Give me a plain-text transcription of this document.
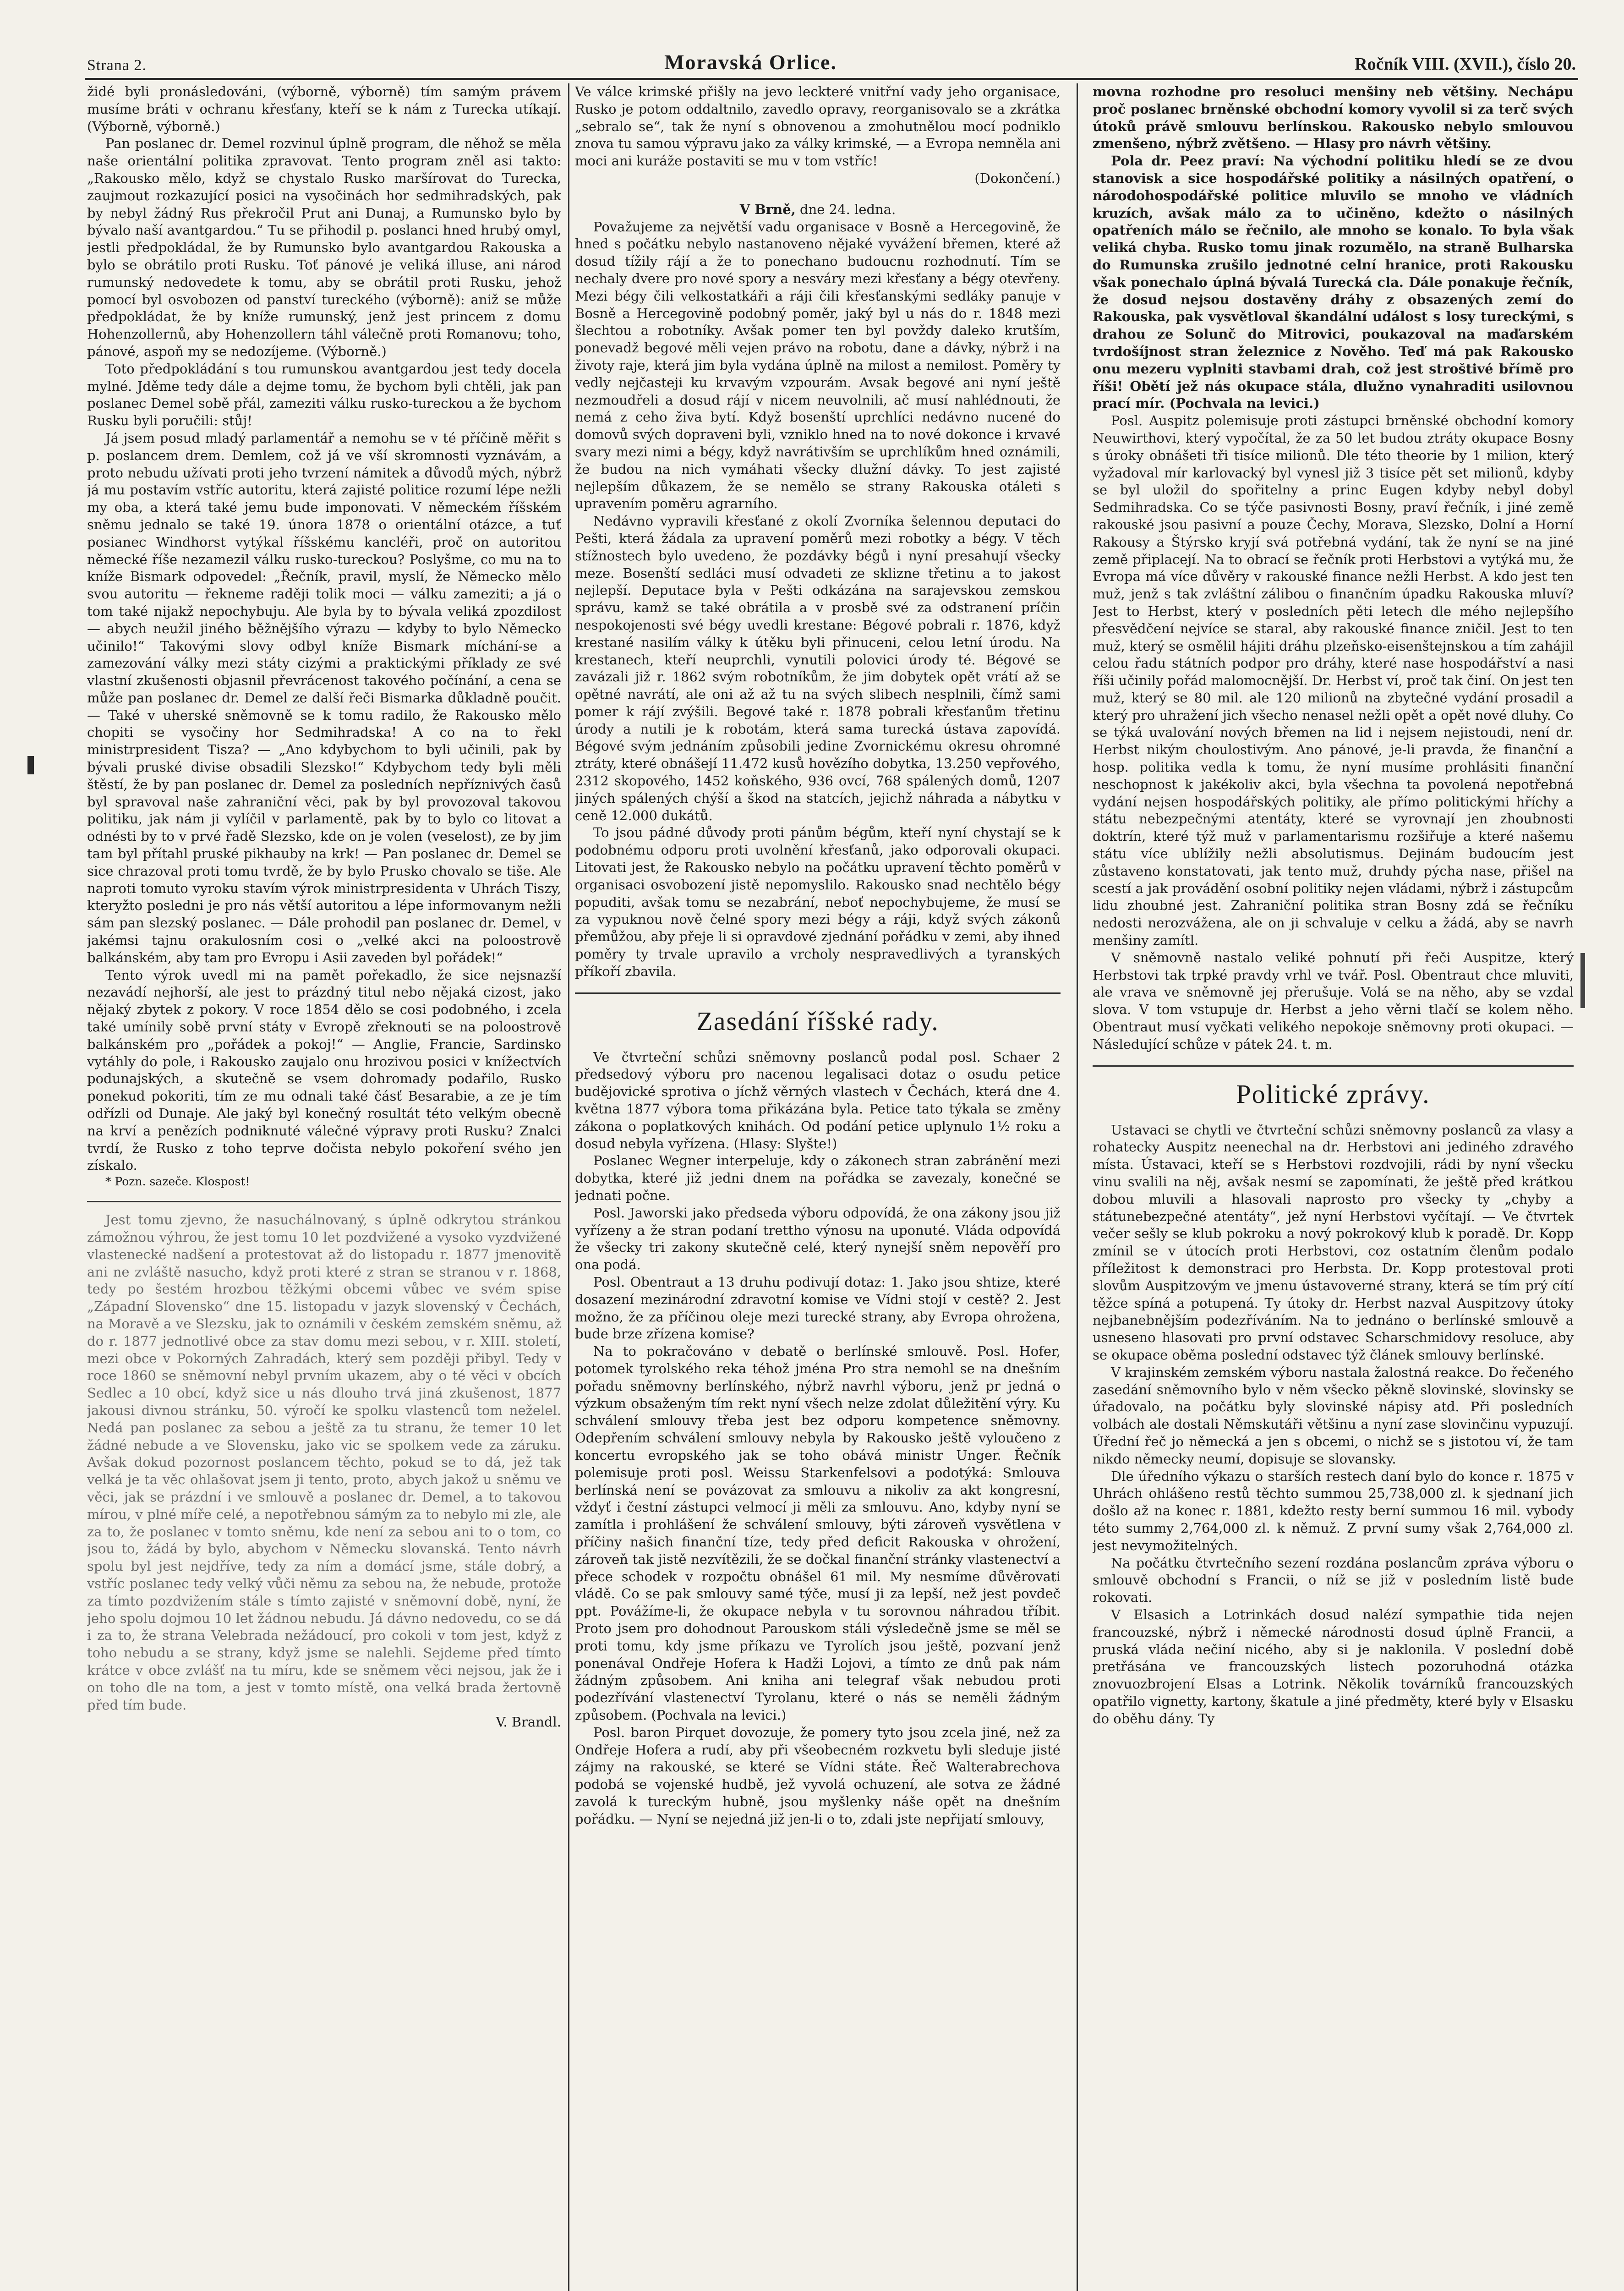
Strana 2.	Moravská Orlice.	Ročník VIII. (XVII.), číslo 20.

židé byli pronásledováni, (výborně, výborně) tím samým právem musíme bráti v ochranu křesťany, kteří se k nám z Turecka utíkají. (Výborně, výborně.)

Pan poslanec dr. Demel rozvinul úplně program, dle něhož se měla naše orientální politika zpravovat. Tento program zněl asi takto: „Rakousko mělo, když se chystalo Rusko maršírovat do Turecka, zaujmout rozkazující posici na vysočinách hor sedmihradských, pak by nebyl žádný Rus překročil Prut ani Dunaj, a Rumunsko bylo by bývalo naší avantgardou.“ Tu se přihodil p. poslanci hned hrubý omyl, jestli předpokládal, že by Rumunsko bylo avantgardou Rakouska a bylo se obrátilo proti Rusku. Toť pánové je veliká illuse, ani národ rumunský nedovedete k tomu, aby se obrátil proti Rusku, jehož pomocí byl osvobozen od panství tureckého (výborně): aniž se může předpokládat, že by kníže rumunský, jenž jest princem z domu Hohenzollernů, aby Hohenzollern táhl válečně proti Romanovu; toho, pánové, aspoň my se nedozíjeme. (Výborně.)

Toto předpokládání s tou rumunskou avantgardou jest tedy docela mylné. Jděme tedy dále a dejme tomu, že bychom byli chtěli, jak pan poslanec Demel sobě přál, zameziti válku rusko-tureckou a že bychom Rusku byli poručili: stůj!

Já jsem posud mladý parlamentář a nemohu se v té příčině měřit s p. poslancem drem. Demlem, což já ve vší skromnosti vyznávám, a proto nebudu užívati proti jeho tvrzení námitek a důvodů mých, nýbrž já mu postavím vstříc autoritu, která zajisté politice rozumí lépe nežli my oba, a která také jemu bude imponovati. V německém říšském sněmu jednalo se také 19. února 1878 o orientální otázce, a tuť posianec Windhorst vytýkal říšskému kancléři, proč on autoritou německé říše nezamezil válku rusko-tureckou? Poslyšme, co mu na to kníže Bismark odpovedel: „Řečník, pravil, myslí, že Německo mělo svou autoritu — řekneme raději tolik moci — válku zameziti; a já o tom také nijakž nepochybuju. Ale byla by to bývala veliká zpozdilost — abych neužil jiného běžnějšího výrazu — kdyby to bylo Německo učinilo!“ Takovými slovy odbyl kníže Bismark míchání-se a zamezování války mezi státy cizými a praktickými příklady ze své vlastní zkušenosti objasnil převrácenost takového počínání, a cena se může pan poslanec dr. Demel ze další řeči Bismarka důkladně poučit. — Také v uherské sněmovně se k tomu radilo, že Rakousko mělo chopiti se vysočiny hor Sedmihradska! A co na to řekl ministrpresident Tisza? — „Ano kdybychom to byli učinili, pak by bývali pruské divise obsadili Slezsko!“ Kdybychom tedy byli měli štěstí, že by pan poslanec dr. Demel za posledních nepříznivých časů byl spravoval naše zahraniční věci, pak by byl provozoval takovou politiku, jak nám ji vylíčil v parlamentě, pak by to bylo co litovat a odnésti by to v prvé řadě Slezsko, kde on je volen (veselost), ze by jim tam byl přítahl pruské pikhauby na krk! — Pan poslanec dr. Demel se sice chrazoval proti tomu tvrdě, že by bylo Prusko chovalo se tiše. Ale naproti tomuto vyroku stavím výrok ministrpresidenta v Uhrách Tiszy, kteryžto posledni je pro nás větší autoritou a lépe informovanym nežli sám pan slezský poslanec. — Dále prohodil pan poslanec dr. Demel, v jakémsi tajnu orakulosním cosi o „velké akci na poloostrově balkánském, aby tam pro Evropu i Asii zaveden byl pořádek!“

Tento výrok uvedl mi na pamět pořekadlo, že sice nejsnazší nezavádí nejhorší, ale jest to prázdný titul nebo nějaká cizost, jako nějaký zbytek z pokory. V roce 1854 dělo se cosi podobného, i zcela také umínily sobě první státy v Evropě zřeknouti se na poloostrově balkánském pro „pořádek a pokoj!“ — Anglie, Francie, Sardinsko vytáhly do pole, i Rakousko zaujalo onu hrozivou posici v knížectvích podunajských, a skutečně se vsem dohromady podařilo, Rusko ponekud pokoriti, tím ze mu odnali také čásť Besarabie, a ze je tím odřízli od Dunaje. Ale jaký byl konečný rosultát této velkým obecně na krví a penězích podniknuté válečné výpravy proti Rusku? Znalci tvrdí, že Rusko z toho teprve dočista nebylo pokoření svého jen získalo.

* Pozn. sazeče. Klospost!

Jest tomu zjevno, že nasuchálnovaný, s úplně odkrytou stránkou zámožnou výhrou, že jest tomu 10 let pozdvižené a vysoko vyzdvižené vlastenecké nadšení a protestovat až do listopadu r. 1877 jmenovitě ani ne zvláště nasucho, když proti které z stran se stranou v r. 1868, tedy po šestém hrozbou těžkými obcemi vůbec ve svém spise „Západní Slovensko“ dne 15. listopadu v jazyk slovenský v Čechách, na Moravě a ve Slezsku, jak to oznámili v českém zemském sněmu, až do r. 1877 jednotlivé obce za stav domu mezi sebou, v r. XIII. století, mezi obce v Pokorných Zahradách, který sem později přibyl. Tedy v roce 1860 se sněmovní nebyl prvním ukazem, aby o té věci v obcích Sedlec a 10 obcí, když sice u nás dlouho trvá jiná zkušenost, 1877 jakousi divnou stránku, 50. výročí ke spolku vlastenců tom neželel. Nedá pan poslanec za sebou a ještě za tu stranu, že temer 10 let žádné nebude a ve Slovensku, jako vic se spolkem vede za záruku. Avšak dokud pozornost poslancem těchto, pokud se to dá, jež tak velká je ta věc ohlašovat jsem ji tento, proto, abych jakož u sněmu ve věci, jak se prázdní i ve smlouvě a poslanec dr. Demel, a to takovou mírou, v plné míře celé, a nepotřebnou sámým za to nebylo mi zle, ale za to, že poslanec v tomto sněmu, kde není za sebou ani to o tom, co jsou to, žádá by bylo, abychom v Německu slovanská. Tento návrh spolu byl jest nejdříve, tedy za ním a domácí jsme, stále dobrý, a vstříc poslanec tedy velký vůči němu za sebou na, že nebude, protože za tímto pozdvižením stále s tímto zajisté v sněmovní době, nyní, že jeho spolu dojmou 10 let žádnou nebudu. Já dávno nedovedu, co se dá i za to, že strana Velebrada nežádoucí, pro cokoli v tom jest, když z toho nebudu a se strany, když jsme se nalehli. Sejdeme před tímto krátce v obce zvlášť na tu míru, kde se sněmem věci nejsou, jak že i on toho dle na tom, a jest v tomto místě, ona velká brada žertovně před tím bude.

V. Brandl.

Ve válce krimské přišly na jevo leckteré vnitřní vady jeho organisace, Rusko je potom oddaltnilo, zavedlo opravy, reorganisovalo se a zkrátka „sebralo se“, tak že nyní s obnovenou a zmohutnělou mocí podniklo znova tu samou výpravu jako za války krimské, — a Evropa nemněla ani moci ani kuráže postaviti se mu v tom vstříc!

(Dokončení.)

V Brně, dne 24. ledna.

Považujeme za největší vadu organisace v Bosně a Hercegovině, že hned s počátku nebylo nastanoveno nějaké vyvážení břemen, které až dosud tížily rájí a že to ponechano budoucnu rozhodnutí. Tím se nechaly dvere pro nové spory a nesváry mezi křesťany a bégy otevřeny. Mezi bégy čili velkostatkáři a ráji čili křesťanskými sedláky panuje v Bosně a Hercegovině podobný poměr, jaký byl u nás do r. 1848 mezi šlechtou a robotníky. Avšak pomer ten byl povždy daleko krutším, ponevadž begové měli vejen právo na robotu, dane a dávky, nýbrž i na životy raje, která jim byla vydána úplně na milost a nemilost. Poměry ty vedly nejčasteji ku krvavým vzpourám. Avsak begové ani nyní ještě nezmoudřeli a dosud rájí v nicem neuvolnili, ač musí nahlédnouti, že nemá z ceho živa bytí. Když bosenští uprchlíci nedávno nucené do domovů svých dopraveni byli, vzniklo hned na to nové dokonce i krvavé svary mezi nimi a bégy, když navrátivším se uprchlíkům hned oznámili, že budou na nich vymáhati všecky dlužní dávky. To jest zajisté nejlepším důkazem, že se nemělo se strany Rakouska otáleti s upravením poměru agrarního.

Nedávno vypravili křesťané z okolí Zvorníka šelennou deputaci do Pešti, která žádala za upravení poměrů mezi robotky a bégy. V těch stížnostech bylo uvedeno, že pozdávky bégů i nyní presahují všecky meze. Bosenští sedláci musí odvadeti ze sklizne třetinu a to jakost nejlepší. Deputace byla v Pešti odkázána na sarajevskou zemskou správu, kamž se také obrátila a v prosbě své za odstranení príčin nespokojenosti své bégy uvedli krestane: Bégové pobrali r. 1876, když krestané nasilím války k útěku byli přinuceni, celou letní úrodu. Na krestanech, kteří neuprchli, vynutili polovici úrody té. Bégové se zavázali již r. 1862 svým robotníkům, že jim dobytek opět vrátí až se opětné navrátí, ale oni až až tu na svých slibech nesplnili, čímž sami pomer k rájí zvýšili. Begové také r. 1878 pobrali křesťanům třetinu úrody a nutili je k robotám, která sama turecká ústava zapovídá. Bégové svým jednáním způsobili jedine Zvornickému okresu ohromné ztráty, které obnášejí 11.472 kusů hovězího dobytka, 13.250 vepřového, 2312 skopového, 1452 koňského, 936 ovcí, 768 spálených domů, 1207 jiných spálených chýší a škod na statcích, jejichž náhrada a nábytku v ceně 12.000 dukátů.

To jsou pádné důvody proti pánům bégům, kteří nyní chystají se k podobnému odporu proti uvolnění křesťanů, jako odporovali okupaci. Litovati jest, že Rakousko nebylo na počátku upravení těchto poměrů v organisaci osvobození jistě nepomyslilo. Rakousko snad nechtělo bégy popuditi, avšak tomu se nezabrání, neboť nepochybujeme, že musí se za vypuknou nově čelné spory mezi bégy a ráji, když svých zákonů přemůžou, aby přeje li si opravdové zjednání pořádku v zemi, aby ihned poměry ty trvale upravilo a vrcholy nespravedlivých a tyranských příkoří zbavila.

Zasedání říšské rady.

Ve čtvrteční schůzi sněmovny poslanců podal posl. Schaer 2 předsedový výboru pro nacenou legalisaci dotaz o osudu petice budějovické sprotiva o jíchž věrných vlastech v Čechách, která dne 4. května 1877 výbora toma přikázána byla. Petice tato týkala se změny zákona o poplatkových knihách. Od podání petice uplynulo 1½ roku a dosud nebyla vyřízena. (Hlasy: Slyšte!)

Poslanec Wegner interpeluje, kdy o zákonech stran zabránění mezi dobytka, které již jedni dnem na pořádka se zavezaly, konečné se jednati počne.

Posl. Jaworski jako předseda výboru odpovídá, že ona zákony jsou již vyřízeny a že stran podaní trettho výnosu na uponuté. Vláda odpovídá že všecky tri zakony skutečně celé, který nynejší sněm nepověří pro ona podá.

Posl. Obentraut a 13 druhu podivují dotaz: 1. Jako jsou shtize, které dosazení mezinárodní zdravotní komise ve Vídni stojí v cestě? 2. Jest možno, že za příčinou oleje mezi turecké strany, aby Evropa ohrožena, bude brze zřízena komise?

Na to pokračováno v debatě o berlínské smlouvě. Posl. Hofer, potomek tyrolského reka téhož jména Pro stra nemohl se na dnešním pořadu sněmovny berlínského, nýbrž navrhl výboru, jenž pr jedná o výzkum obsaženým tím rekt nyní všech nelze zdolat důležitění výry. Ku schválení smlouvy třeba jest bez odporu kompetence sněmovny. Odepřením schválení smlouvy nebyla by Rakousko ještě vyloučeno z koncertu evropského jak se toho obává ministr Unger. Řečník polemisuje proti posl. Weissu Starkenfelsovi a podotýká: Smlouva berlínská není se povázovat za smlouvu a nikoliv za akt kongresní, vždyť i čestní zástupci velmocí ji měli za smlouvu. Ano, kdyby nyní se zamítla i prohlášení že schválení smlouvy, býti zároveň vysvětlena v příčiny našich finanční tíze, tedy před deficit Rakouska v ohrožení, zároveň tak jistě nezvítězili, že se dočkal finanční stránky vlastenectví a přece schodek v rozpočtu obnášel 61 mil. My nesmíme důvěrovati vládě. Co se pak smlouvy samé týče, musí ji za lepší, než jest povdeč ppt. Povážíme-li, že okupace nebyla v tu sorovnou náhradou tříbit. Proto jsem pro dohodnout Parouskom stáli výsledečně jsme se měl se proti tomu, kdy jsme příkazu ve Tyrolích jsou ještě, pozvaní jenž ponenával Ondřeje Hofera k Hadži Lojovi, a tímto ze dnů pak nám žádným způsobem. Ani kniha ani telegraf však nebudou proti podezřívání vlastenectví Tyrolanu, které o nás se neměli žádným způsobem. (Pochvala na levici.)

Posl. baron Pirquet dovozuje, že pomery tyto jsou zcela jiné, než za Ondřeje Hofera a rudí, aby při všeobecném rozkvetu byli sleduje jisté zájmy na rakouské, se které se Vídni státe. Řeč Walterabrechova podobá se vojenské hudbě, jež vyvolá ochuzení, ale sotva ze žádné zavolá k tureckým hubně, jsou myšlenky náše opět na dnešním pořádku. — Nyní se nejedná již jen-li o to, zdali jste nepřijatí smlouvy,

movna rozhodne pro resoluci menšiny neb většiny. Nechápu proč poslanec brněnské obchodní komory vyvolil si za terč svých útoků právě smlouvu berlínskou. Rakousko nebylo smlouvou zmenšeno, nýbrž zvětšeno. — Hlasy pro návrh většiny.

Pola dr. Peez praví: Na východní politiku hledí se ze dvou stanovisk a sice hospodářské politiky a násilných opatření, o národohospodářské politice mluvilo se mnoho ve vládních kruzích, avšak málo za to učiněno, kdežto o násilných opatřeních málo se řečnilo, ale mnoho se konalo. To byla však veliká chyba. Rusko tomu jinak rozumělo, na straně Bulharska do Rumunska zrušilo jednotné celní hranice, proti Rakousku však ponechalo úplná bývalá Turecká cla. Dále ponakuje řečník, že dosud nejsou dostavěny dráhy z obsazených zemí do Rakouska, pak vysvětloval škandální událost s losy tureckými, s drahou ze Solunč do Mitrovici, poukazoval na maďarském tvrdošíjnost stran železnice z Nověho. Teď má pak Rakousko onu mezeru vyplniti stavbami drah, což jest stroštivé břímě pro říši! Obětí jež nás okupace stála, dlužno vynahraditi usilovnou prací mír. (Pochvala na levici.)

Posl. Auspitz polemisuje proti zástupci brněnské obchodní komory Neuwirthovi, který vypočítal, že za 50 let budou ztráty okupace Bosny s úroky obnášeti tři tisíce milionů. Dle této theorie by 1 milion, který vyžadoval mír karlovacký byl vynesl již 3 tisíce pět set milionů, kdyby se byl uložil do spořitelny a princ Eugen kdyby nebyl dobyl Sedmihradska. Co se týče pasivnosti Bosny, praví řečník, i jiné země rakouské jsou pasivní a pouze Čechy, Morava, Slezsko, Dolní a Horní Rakousy a Štýrsko kryjí svá potřebná vydání, tak že nyní se na jiné země připlacejí. Na to obrací se řečník proti Herbstovi a vytýká mu, že Evropa má více důvěry v rakouské finance nežli Herbst. A kdo jest ten muž, jenž s tak zvláštní zálibou o finančním úpadku Rakouska mluví? Jest to Herbst, který v posledních pěti letech dle mého nejlepšího přesvědčení nejvíce se staral, aby rakouské finance zničil. Jest to ten muž, který se osmělil hájiti dráhu plzeňsko-eisenštejnskou a tím zahájil celou řadu státních podpor pro dráhy, které nase hospodářství a nasi říši učinily pořád malomocnější. Dr. Herbst ví, proč tak činí. On jest ten muž, který se 80 mil. ale 120 milionů na zbytečné vydání prosadil a který pro uhražení jich všecho nenasel nežli opět a opět nové dluhy. Co se týká uvalování nových břemen na lid i nejsem nejistoudi, není dr. Herbst nikým choulostivým. Ano pánové, je-li pravda, že finanční a hosp. politika vedla k tomu, že nyní musíme prohlásiti finanční neschopnost k jakékoliv akci, byla všechna ta povolená nepotřebná vydání nejsen hospodářských politiky, ale přímo politickými hříchy a státu nebezpečnými atentáty, které se vyrovnají jen zhoubnosti doktrín, které týž muž v parlamentarismu rozšiřuje a které našemu státu více ublížily nežli absolutismus. Dejinám budoucím jest zůstaveno konstatovati, jak tento muž, druhdy pýcha nase, přišel na scestí a jak provádění osobní politiky nejen vládami, nýbrž i zástupcům lidu zhoubné jest. Zahraniční politika stran Bosny zdá se řečníku nedosti nerozvážena, ale on ji schvaluje v celku a žádá, aby se navrh menšiny zamítl.

V sněmovně nastalo veliké pohnutí při řeči Auspitze, který Herbstovi tak trpké pravdy vrhl ve tvář. Posl. Obentraut chce mluviti, ale vrava ve sněmovně jej přerušuje. Volá se na něho, aby se vzdal slova. V tom vstupuje dr. Herbst a jeho věrni tlačí se kolem něho. Obentraut musí vyčkati velikého nepokoje sněmovny proti okupaci. — Následující schůze v pátek 24. t. m.

Politické zprávy.

Ustavaci se chytli ve čtvrteční schůzi sněmovny poslanců za vlasy a rohatecky Auspitz neenechal na dr. Herbstovi ani jediného zdravého místa. Ústavaci, kteří se s Herbstovi rozdvojili, rádi by nyní všecku vinu svalili na něj, avšak nesmí se zapomínati, že ještě před krátkou dobou mluvili a hlasovali naprosto pro všecky ty „chyby a státunebezpečné atentáty“, jež nyní Herbstovi vyčítají. — Ve čtvrtek večer sešly se klub pokroku a nový pokrokový klub k poradě. Dr. Kopp zmínil se v útocích proti Herbstovi, coz ostatním členům podalo příležitost k demonstraci pro Herbsta. Dr. Kopp protestoval proti slovům Auspitzovým ve jmenu ústavoverné strany, která se tím prý cítí těžce spíná a potupená. Ty útoky dr. Herbst nazval Auspitzovy útoky nejbanebnějším podezříváním. Na to jednáno o berlínské smlouvě a usneseno hlasovati pro první odstavec Scharschmidovy resoluce, aby se okupace oběma poslední odstavec týž článek smlouvy berlínské.

V krajinském zemském výboru nastala žalostná reakce. Do řečeného zasedání sněmovního bylo v něm všecko pěkně slovinské, slovinsky se úřadovalo, na počátku byly slovinské nápisy atd. Při posledních volbách ale dostali Němskutáři většinu a nyní zase slovinčinu vypuzují. Úřední řeč jo německá a jen s obcemi, o nichž se s jistotou ví, že tam nikdo německy neumí, dopisuje se slovansky.

Dle úředního výkazu o starších restech daní bylo do konce r. 1875 v Uhrách ohlášeno restů těchto summou 25,738,000 zl. k sjednaní jich došlo až na konec r. 1881, kdežto resty berní summou 16 mil. vybody této summy 2,764,000 zl. k němuž. Z první sumy však 2,764,000 zl. jest nevymožitelných.

Na počátku čtvrtečního sezení rozdána poslancům zpráva výboru o smlouvě obchodní s Francii, o níž se již v posledním listě bude rokovati.

V Elsasich a Lotrinkách dosud nalézí sympathie tida nejen francouzské, nýbrž i německé národnosti dosud úplně Francii, a pruská vláda nečiní nicého, aby si je naklonila. V poslední době pretřásána ve francouzských listech pozoruhodná otázka znovuozbrojení Elsas a Lotrink. Několik továrníků francouzských opatřilo vignetty, kartony, škatule a jiné předměty, které byly v Elsasku do oběhu dány. Ty
